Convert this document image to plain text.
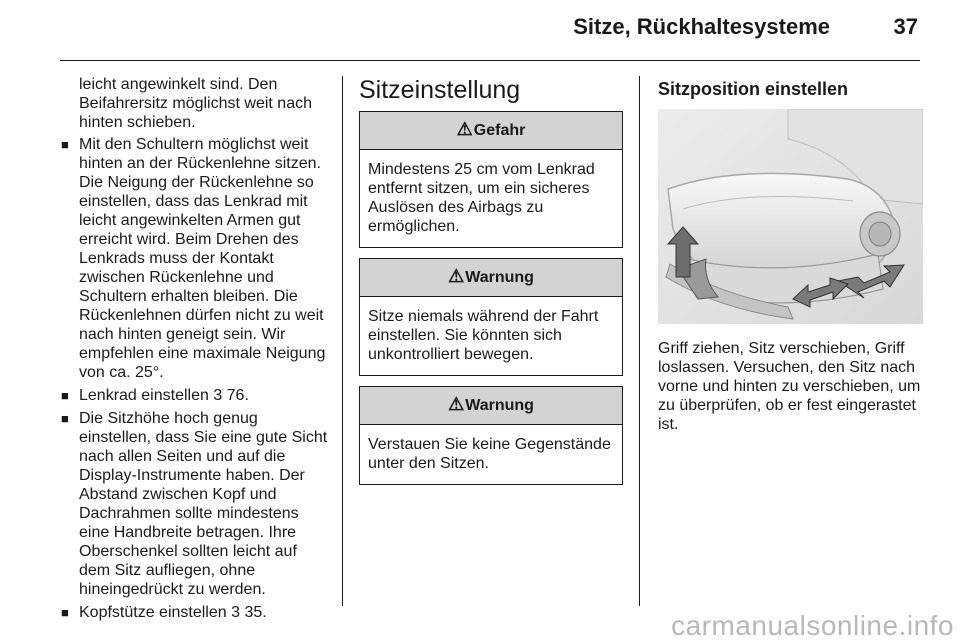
Sitze, Rückhaltesysteme	37

leicht angewinkelt sind. Den Beifahrersitz möglichst weit nach hinten schieben.

■ Mit den Schultern möglichst weit hinten an der Rückenlehne sitzen. Die Neigung der Rückenlehne so einstellen, dass das Lenkrad mit leicht angewinkelten Armen gut erreicht wird. Beim Drehen des Lenkrads muss der Kontakt zwischen Rückenlehne und Schultern erhalten bleiben. Die Rückenlehnen dürfen nicht zu weit nach hinten geneigt sein. Wir empfehlen eine maximale Neigung von ca. 25°.
■ Lenkrad einstellen 3 76.
■ Die Sitzhöhe hoch genug einstellen, dass Sie eine gute Sicht nach allen Seiten und auf die Display-Instrumente haben. Der Abstand zwischen Kopf und Dachrahmen sollte mindestens eine Handbreite betragen. Ihre Oberschenkel sollten leicht auf dem Sitz aufliegen, ohne hineingedrückt zu werden.
■ Kopfstütze einstellen 3 35.
Sitzeinstellung
⚠Gefahr
Mindestens 25 cm vom Lenkrad entfernt sitzen, um ein sicheres Auslösen des Airbags zu ermöglichen.
⚠Warnung
Sitze niemals während der Fahrt einstellen. Sie könnten sich unkontrolliert bewegen.
⚠Warnung
Verstauen Sie keine Gegenstände unter den Sitzen.
Sitzposition einstellen

Griff ziehen, Sitz verschieben, Griff loslassen. Versuchen, den Sitz nach vorne und hinten zu verschieben, um zu überprüfen, ob er fest eingerastet ist.

carmanualsonline.info
